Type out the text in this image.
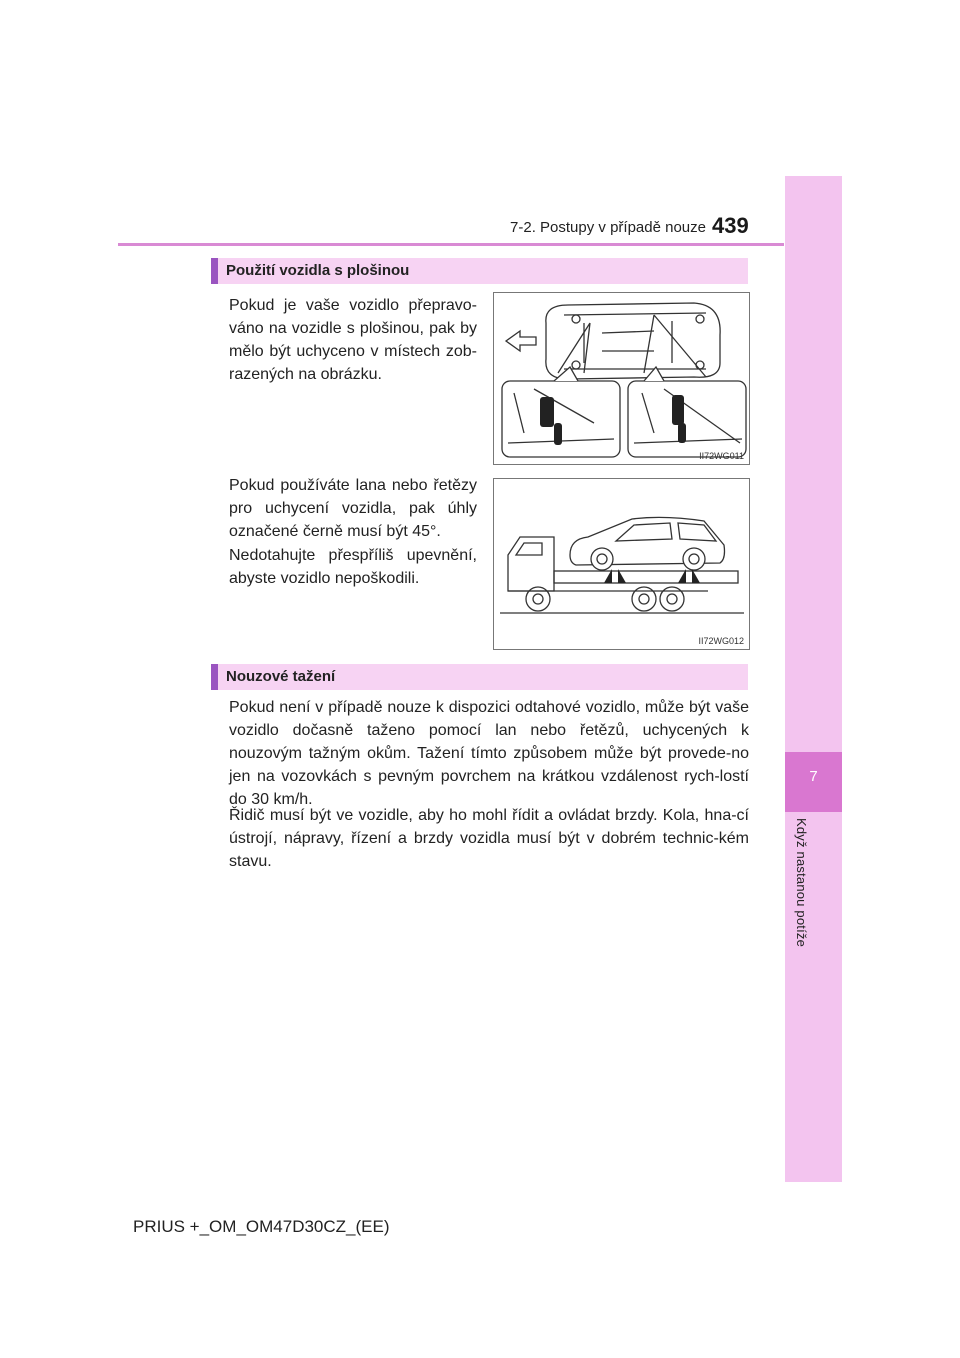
7
Když nastanou potíže
7-2. Postupy v případě nouze 439
Použití vozidla s plošinou

Pokud je vaše vozidlo přepravo-váno na vozidle s plošinou, pak by mělo být uchyceno v místech zob-razených na obrázku.

II72WG011

Pokud používáte lana nebo řetězy pro uchycení vozidla, pak úhly označené černě musí být 45°.

Nedotahujte přespříliš upevnění, abyste vozidlo nepoškodili.

II72WG012
Nouzové tažení

Pokud není v případě nouze k dispozici odtahové vozidlo, může být vaše vozidlo dočasně taženo pomocí lan nebo řetězů, uchycených k nouzovým tažným okům. Tažení tímto způsobem může být provede-no jen na vozovkách s pevným povrchem na krátkou vzdálenost rych-lostí do 30 km/h.

Řidič musí být ve vozidle, aby ho mohl řídit a ovládat brzdy. Kola, hna-cí ústrojí, nápravy, řízení a brzdy vozidla musí být v dobrém technic-kém stavu.

PRIUS +_OM_OM47D30CZ_(EE)
